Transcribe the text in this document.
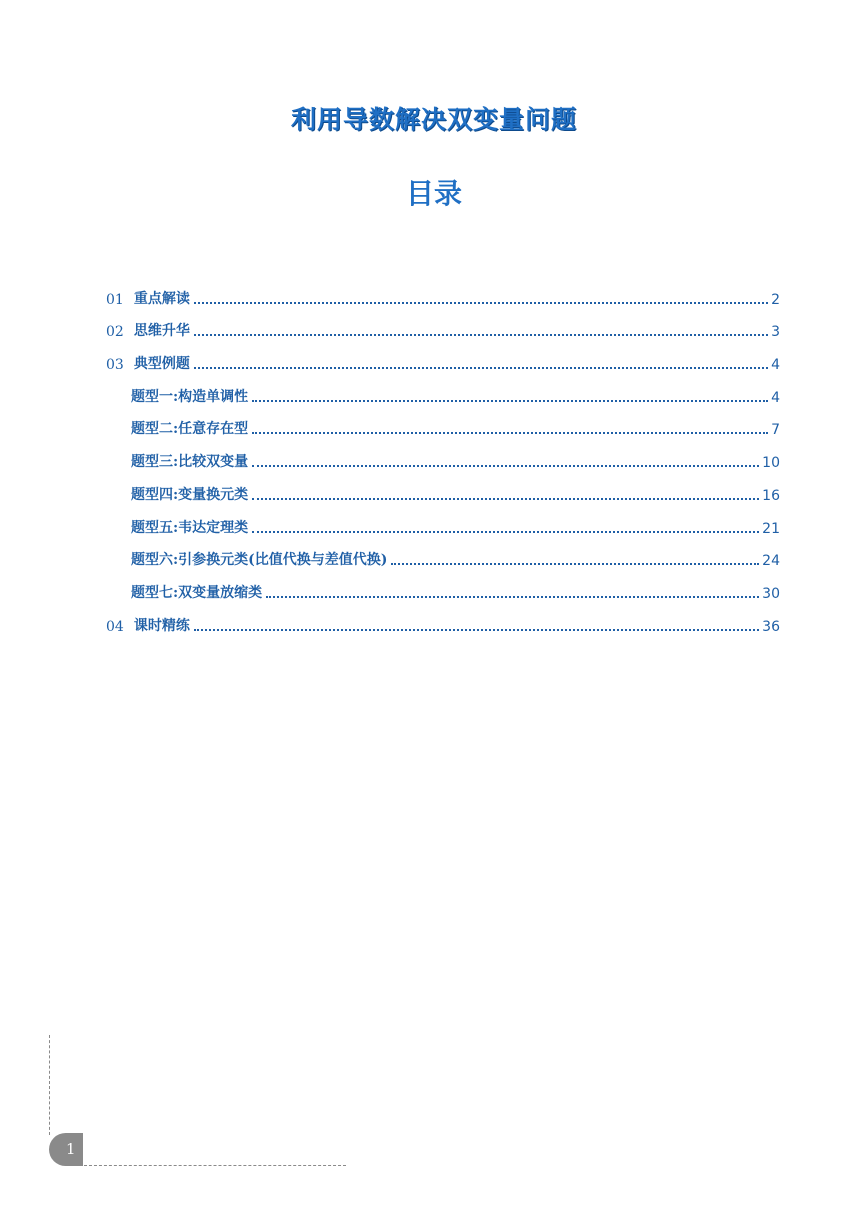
利用导数解决双变量问题
目录
01 重点解读	2
02 思维升华	3
03 典型例题	4
题型一:构造单调性	4
题型二:任意存在型	7
题型三:比较双变量	10
题型四:变量换元类	16
题型五:韦达定理类	21
题型六:引参换元类(比值代换与差值代换)	24
题型七:双变量放缩类	30
04 课时精练	36
1
